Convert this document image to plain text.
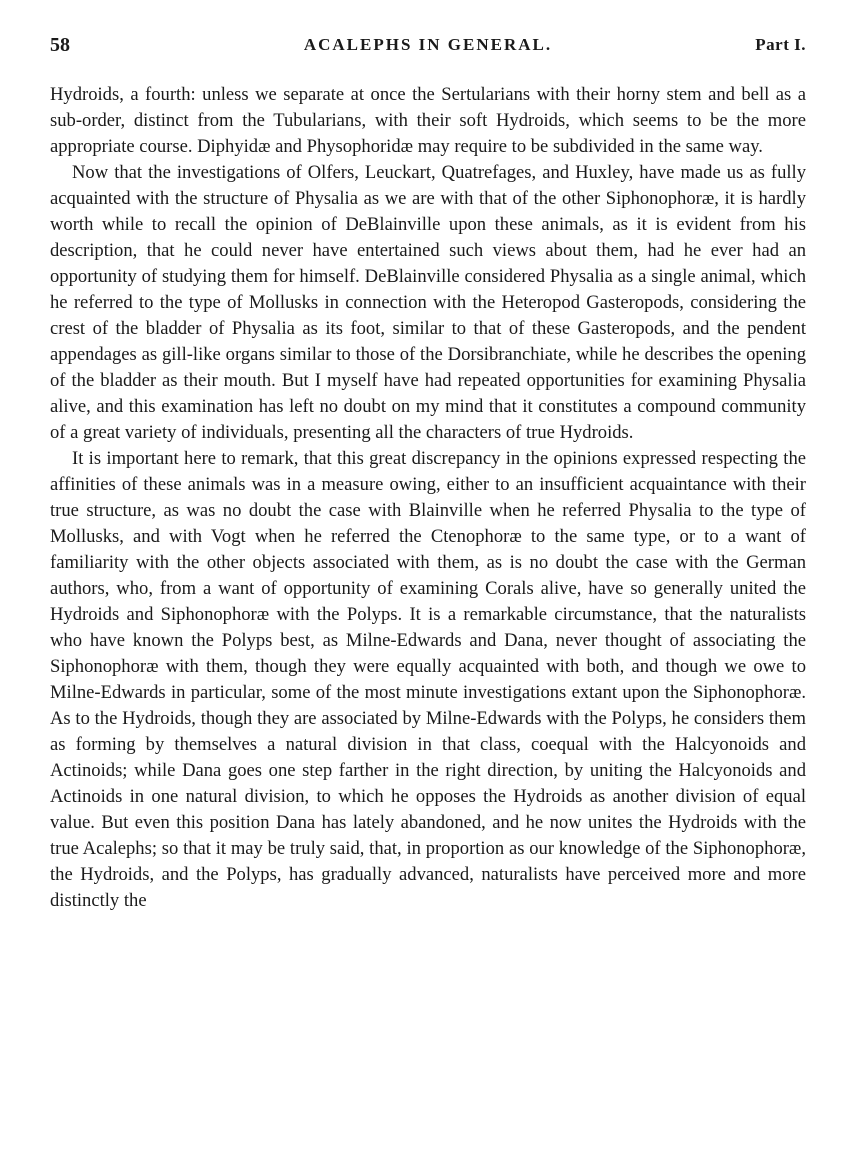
58	ACALEPHS IN GENERAL.	Part I.

Hydroids, a fourth: unless we separate at once the Sertularians with their horny stem and bell as a sub-order, distinct from the Tubularians, with their soft Hydroids, which seems to be the more appropriate course. Diphyidæ and Physophoridæ may require to be subdivided in the same way.

Now that the investigations of Olfers, Leuckart, Quatrefages, and Huxley, have made us as fully acquainted with the structure of Physalia as we are with that of the other Siphonophoræ, it is hardly worth while to recall the opinion of DeBlainville upon these animals, as it is evident from his description, that he could never have entertained such views about them, had he ever had an opportunity of studying them for himself. DeBlainville considered Physalia as a single animal, which he referred to the type of Mollusks in connection with the Heteropod Gasteropods, considering the crest of the bladder of Physalia as its foot, similar to that of these Gasteropods, and the pendent appendages as gill-like organs similar to those of the Dorsibranchiate, while he describes the opening of the bladder as their mouth. But I myself have had repeated opportunities for examining Physalia alive, and this examination has left no doubt on my mind that it constitutes a compound community of a great variety of individuals, presenting all the characters of true Hydroids.

It is important here to remark, that this great discrepancy in the opinions expressed respecting the affinities of these animals was in a measure owing, either to an insufficient acquaintance with their true structure, as was no doubt the case with Blainville when he referred Physalia to the type of Mollusks, and with Vogt when he referred the Ctenophoræ to the same type, or to a want of familiarity with the other objects associated with them, as is no doubt the case with the German authors, who, from a want of opportunity of examining Corals alive, have so generally united the Hydroids and Siphonophoræ with the Polyps. It is a remarkable circumstance, that the naturalists who have known the Polyps best, as Milne-Edwards and Dana, never thought of associating the Siphonophoræ with them, though they were equally acquainted with both, and though we owe to Milne-Edwards in particular, some of the most minute investigations extant upon the Siphonophoræ. As to the Hydroids, though they are associated by Milne-Edwards with the Polyps, he considers them as forming by themselves a natural division in that class, coequal with the Halcyonoids and Actinoids; while Dana goes one step farther in the right direction, by uniting the Halcyonoids and Actinoids in one natural division, to which he opposes the Hydroids as another division of equal value. But even this position Dana has lately abandoned, and he now unites the Hydroids with the true Acalephs; so that it may be truly said, that, in proportion as our knowledge of the Siphonophoræ, the Hydroids, and the Polyps, has gradually advanced, naturalists have perceived more and more distinctly the
